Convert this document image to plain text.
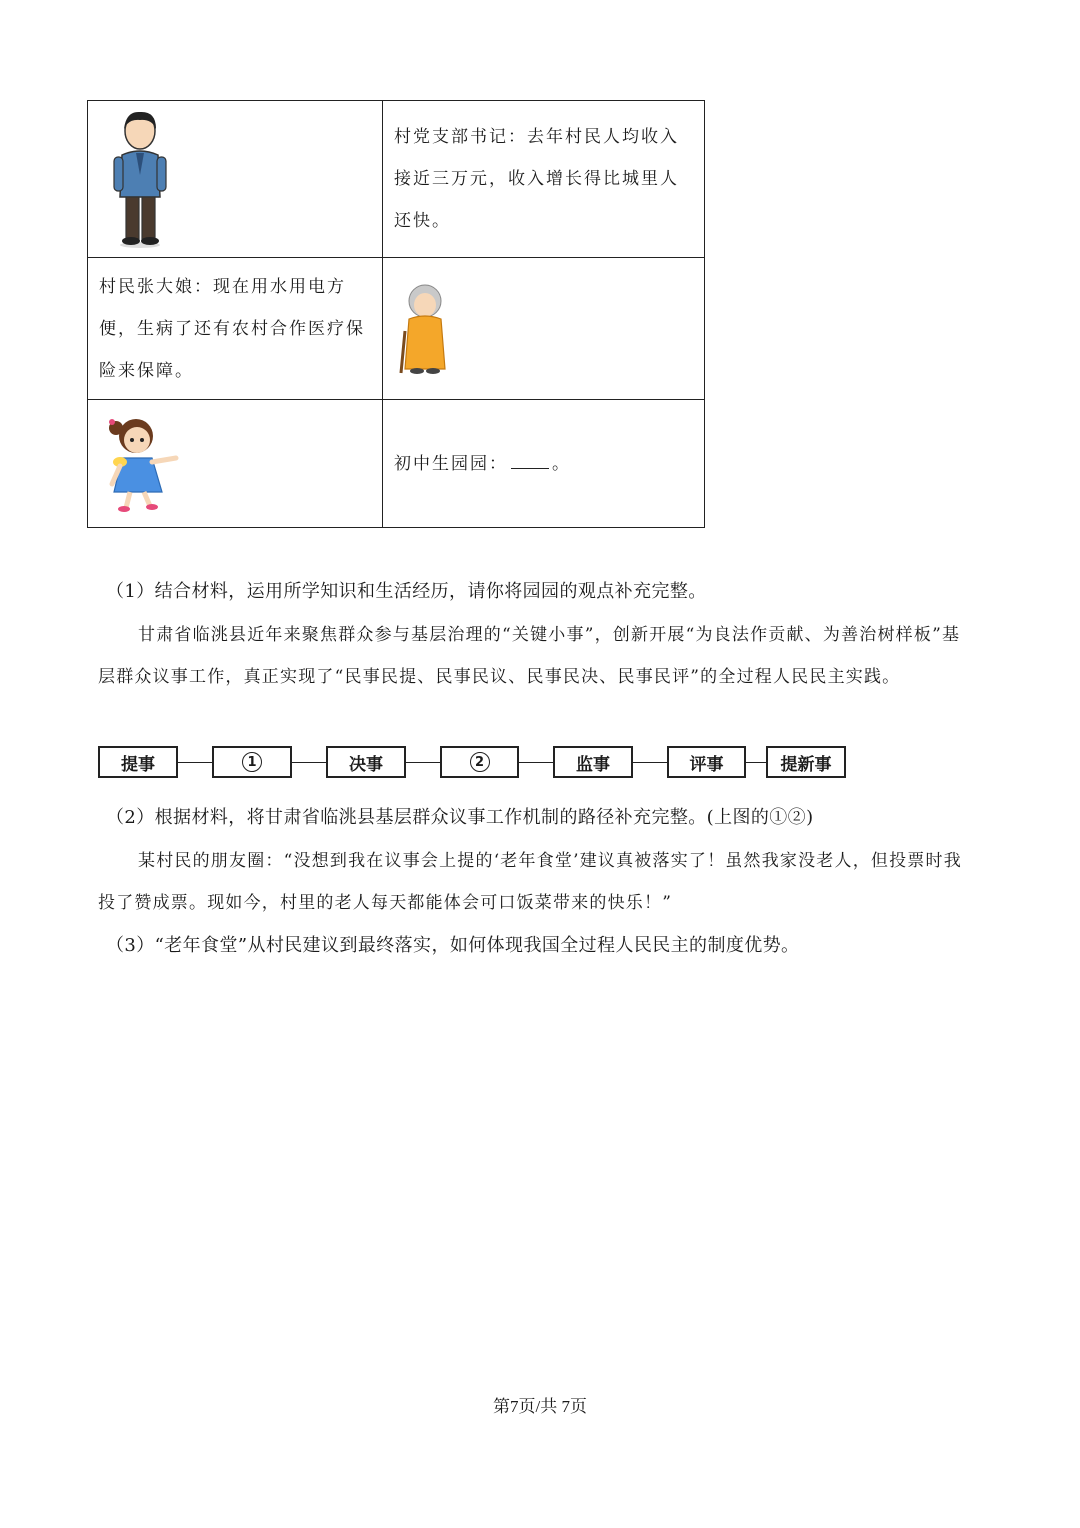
村党支部书记：去年村民人均收入接近三万元，收入增长得比城里人还快。

村民张大娘：现在用水用电方便，生病了还有农村合作医疗保险来保障。

初中生园园： 。
（1）结合材料，运用所学知识和生活经历，请你将园园的观点补充完整。
甘肃省临洮县近年来聚焦群众参与基层治理的“关键小事”，创新开展“为良法作贡献、为善治树样板”基层群众议事工作，真正实现了“民事民提、民事民议、民事民决、民事民评”的全过程人民民主实践。
提事	1	决事	2	监事	评事	提新事
（2）根据材料，将甘肃省临洮县基层群众议事工作机制的路径补充完整。(上图的①②)
某村民的朋友圈：“没想到我在议事会上提的‘老年食堂’建议真被落实了！虽然我家没老人，但投票时我投了赞成票。现如今，村里的老人每天都能体会可口饭菜带来的快乐！”
（3）“老年食堂”从村民建议到最终落实，如何体现我国全过程人民民主的制度优势。
第7页/共 7页
